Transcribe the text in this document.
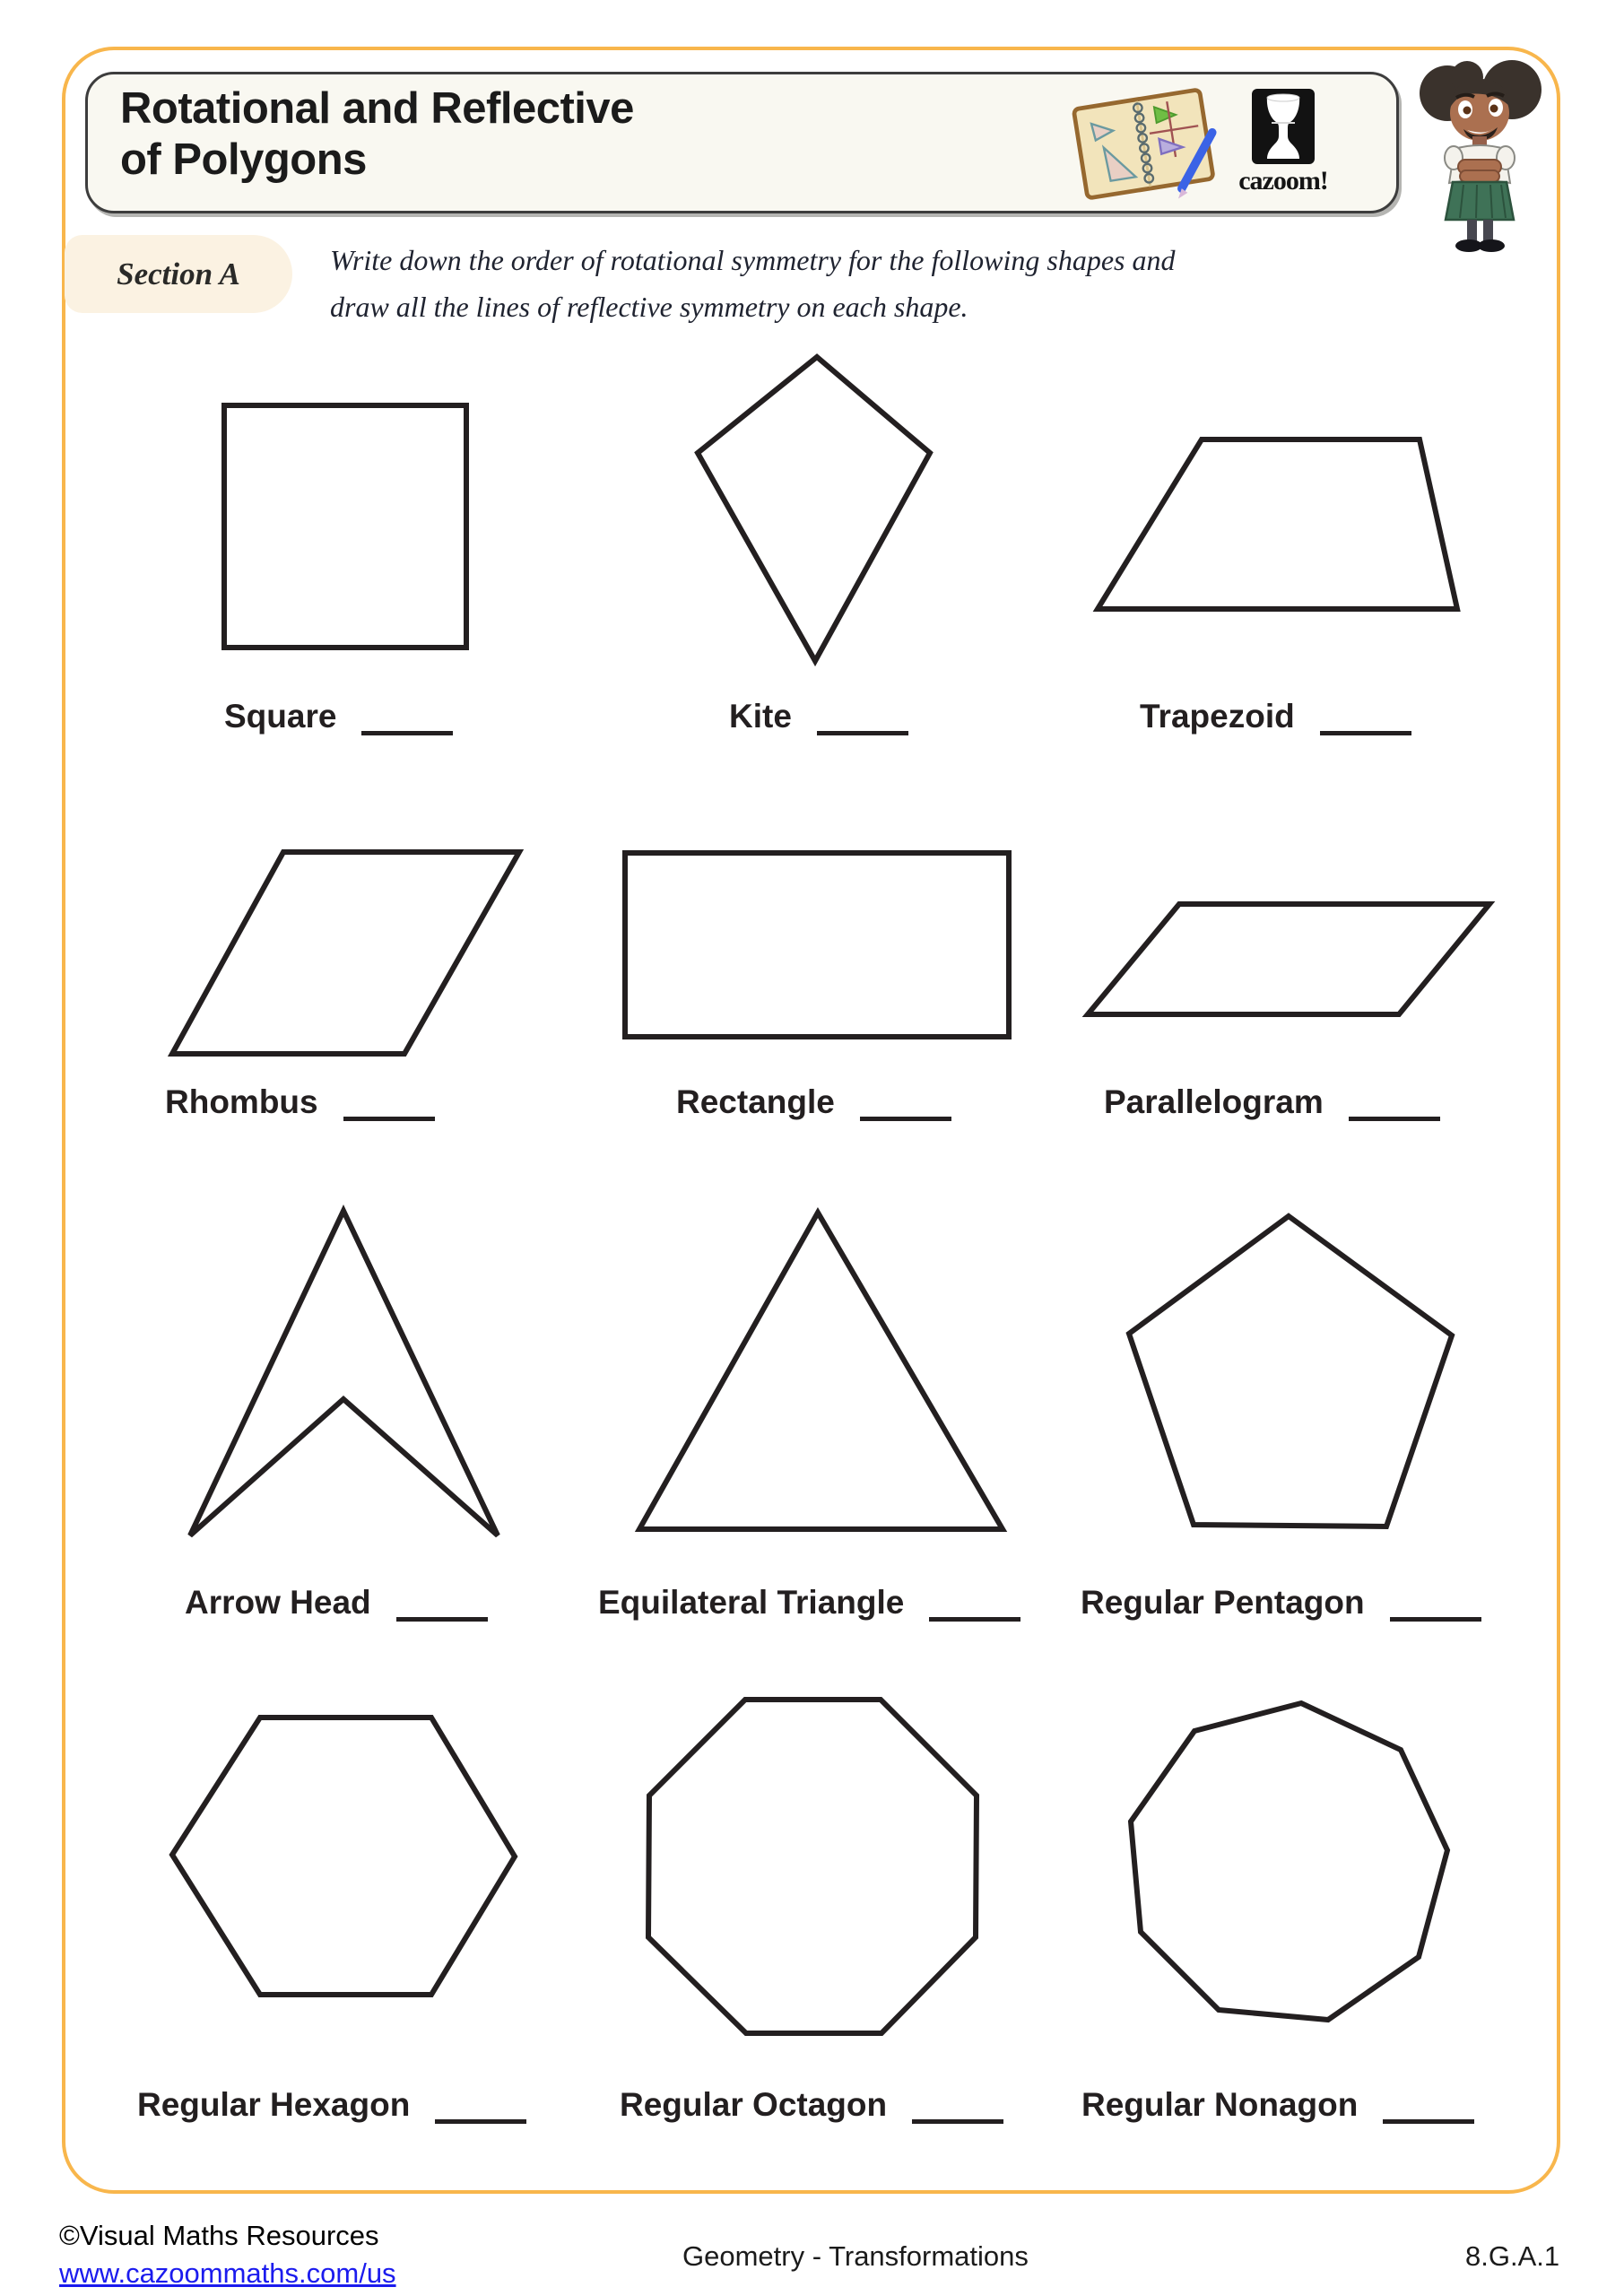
Rotational and Reflective
of Polygons	cazoom!
Section A	Write down the order of rotational symmetry for the following shapes and
draw all the lines of reflective symmetry on each shape.
Square	Kite	Trapezoid
Rhombus	Rectangle	Parallelogram
Arrow Head	Equilateral Triangle	Regular Pentagon
Regular Hexagon	Regular Octagon	Regular Nonagon
©Visual Maths Resources
www.cazoommaths.com/us
Geometry - Transformations	8.G.A.1
